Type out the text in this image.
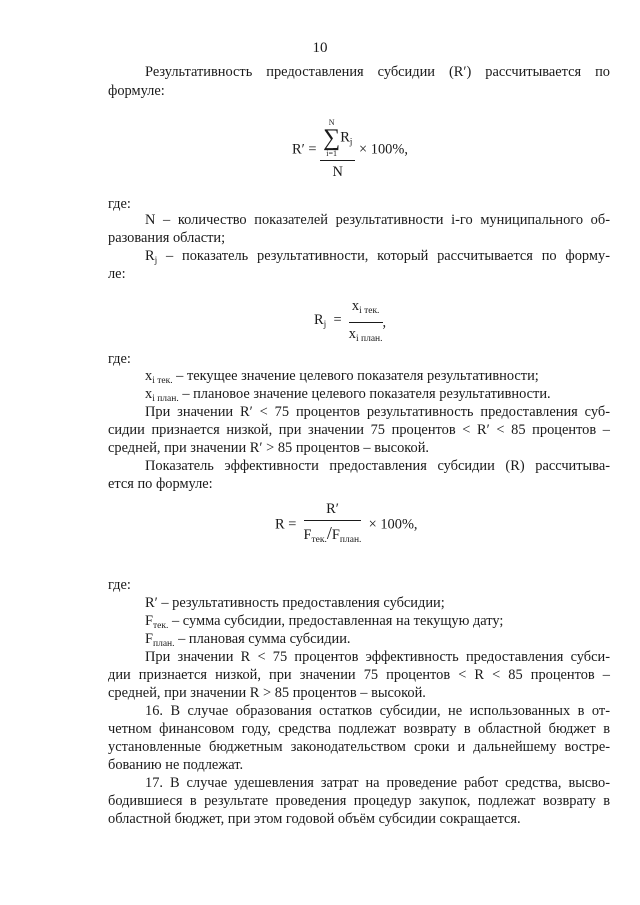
10
Результативность предоставления субсидии (R′) рассчитывается по
формуле:
R′ = N
∑
i=1
$R_j$
N × 100%,
где:
N – количество показателей результативности i-го муниципального об-
разования области;
$R_j$ – показатель результативности, который рассчитывается по форму-
ле:
$R_j = \frac{x_{i тек.}}{x_{i план.}}$ ,
где:
$x_{i тек.}$ – текущее значение целевого показателя результативности;
$x_{i план.}$ – плановое значение целевого показателя результативности.
При значении R′ < 75 процентов результативность предоставления суб-
сидии признается низкой, при значении 75 процентов < R′ < 85 процентов –
средней, при значении R′ > 85 процентов – высокой.
Показатель эффективности предоставления субсидии (R) рассчитыва-
ется по формуле:
$R = \frac{R'}{F_{тек.}/F_{план.}} \times 100\%$,
где:
R′ – результативность предоставления субсидии;
$F_{тек.}$ – сумма субсидии, предоставленная на текущую дату;
$F_{план.}$ – плановая сумма субсидии.
При значении R < 75 процентов эффективность предоставления субси-
дии признается низкой, при значении 75 процентов < R < 85 процентов –
средней, при значении R > 85 процентов – высокой.
16. В случае образования остатков субсидии, не использованных в от-
четном финансовом году, средства подлежат возврату в областной бюджет в
установленные бюджетным законодательством сроки и дальнейшему востре-
бованию не подлежат.
17. В случае удешевления затрат на проведение работ средства, высво-
бодившиеся в результате проведения процедур закупок, подлежат возврату в
областной бюджет, при этом годовой объём субсидии сокращается.
